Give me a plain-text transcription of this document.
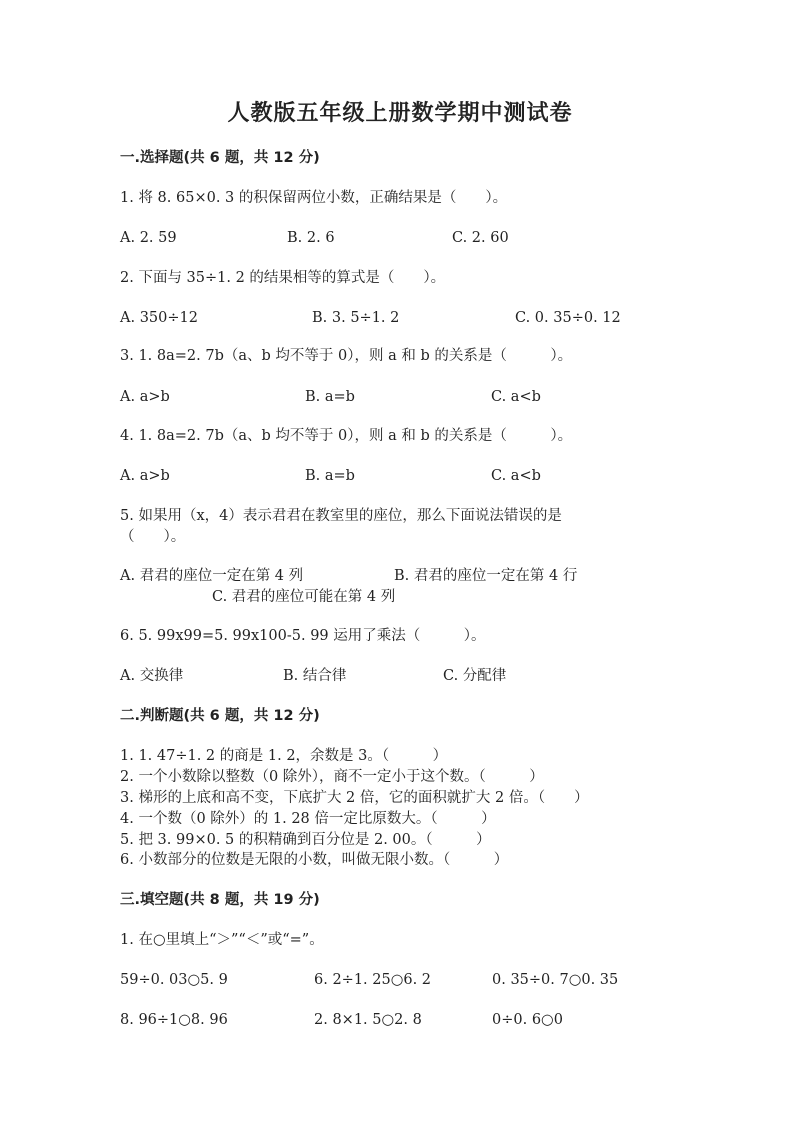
人教版五年级上册数学期中测试卷
一.选择题(共 6 题，共 12 分)
1. 将 8. 65×0. 3 的积保留两位小数，正确结果是（　　）。
A. 2. 59	B. 2. 6	C. 2. 60
2. 下面与 35÷1. 2 的结果相等的算式是（　　）。
A. 350÷12	B. 3. 5÷1. 2	C. 0. 35÷0. 12
3. 1. 8a=2. 7b（a、b 均不等于 0），则 a 和 b 的关系是（　　　）。
A. a>b	B. a=b	C. a<b
4. 1. 8a=2. 7b（a、b 均不等于 0），则 a 和 b 的关系是（　　　）。
A. a>b	B. a=b	C. a<b
5. 如果用（x，4）表示君君在教室里的座位，那么下面说法错误的是
（　　）。
A. 君君的座位一定在第 4 列	B. 君君的座位一定在第 4 行
C. 君君的座位可能在第 4 列
6. 5. 99x99=5. 99x100-5. 99 运用了乘法（　　　）。
A. 交换律	B. 结合律	C. 分配律
二.判断题(共 6 题，共 12 分)
1. 1. 47÷1. 2 的商是 1. 2，余数是 3。（　　　）
2. 一个小数除以整数（0 除外），商不一定小于这个数。（　　　）
3. 梯形的上底和高不变，下底扩大 2 倍，它的面积就扩大 2 倍。（　　）
4. 一个数（0 除外）的 1. 28 倍一定比原数大。（　　　）
5. 把 3. 99×0. 5 的积精确到百分位是 2. 00。（　　　）
6. 小数部分的位数是无限的小数，叫做无限小数。（　　　）
三.填空题(共 8 题，共 19 分)
1. 在○里填上“＞”“＜”或“=”。
59÷0. 03○5. 9	6. 2÷1. 25○6. 2	0. 35÷0. 7○0. 35
8. 96÷1○8. 96	2. 8×1. 5○2. 8	0÷0. 6○0
